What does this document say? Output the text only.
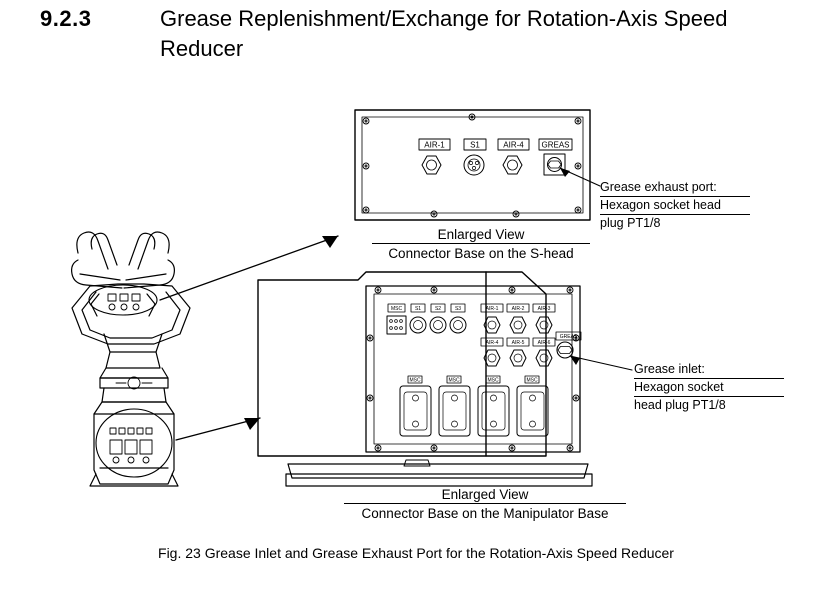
9.2.3	Grease Replenishment/Exchange for Rotation-Axis Speed Reducer
AIR-1	S1	AIR-4 GREAS
MSC	S1	S2	S3	AIR-1	AIR-2	AIR-3
AIR-4	AIR-5	AIR-6
GREAS
MSC	MSC	MSC	MSC
Enlarged View
Connector Base on the S-head
Grease exhaust port:
Hexagon socket head
plug PT1/8
Grease inlet:
Hexagon socket
head plug PT1/8
Enlarged View
Connector Base on the Manipulator Base
Fig. 23 Grease Inlet and Grease Exhaust Port for the Rotation-Axis Speed Reducer
